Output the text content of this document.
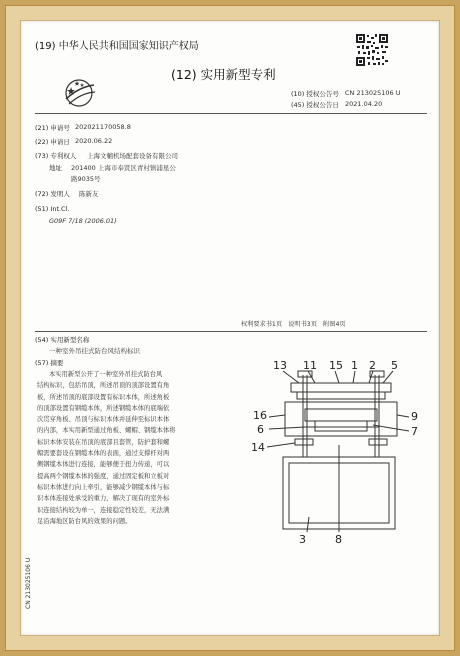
(19) 中华人民共和国国家知识产权局
(12) 实用新型专利
(10) 授权公告号 CN 213025106 U
(45) 授权公告日 2021.04.20
(21) 申请号 202021170058.8
(22) 申请日 2020.06.22
(73) 专利权人 上海文輔机场配套设备有限公司
地址 201400 上海市奉贤区青村镇浦星公
路9035号
(72) 发明人 陈新友
(51) Int.Cl.
G09F 7/18 (2006.01)
权利要求书1页　说明书3页　附图4页
(54) 实用新型名称
一种室外吊挂式防台风结构标识
(57) 摘要

本实用新型公开了一种室外吊挂式防台风

结构标识，包括吊顶，所述吊顶的顶部设置有角

板，所述吊顶的底部设置有标识本体，所述角板

的顶部设置有钢缆本体，所述钢缆本体的底端依

次贯穿角板、吊顶与标识本体并延伸至标识本体

的内部，本实用新型通过角板、螺帽、钢缆本体将

标识本体安装在吊顶的底部且套管，防护套和螺

帽需要套设在钢缆本体的表面，通过支撑杆对两

侧钢缆本体进行连接，能够便于扭力传递，可以

提高两个钢缆本体的强度，通过固定板和立板对

标识本体进行向上牵引，能够减少钢缆本体与标

识本体连接处承受的重力，解决了现有的室外标

识连接结构较为单一，连接稳定性较差，无法满

足沿海地区防台风的效果的问题。

13 11 15 1 2 5
16
6
9
7
14
3	8
CN 213025106 U
